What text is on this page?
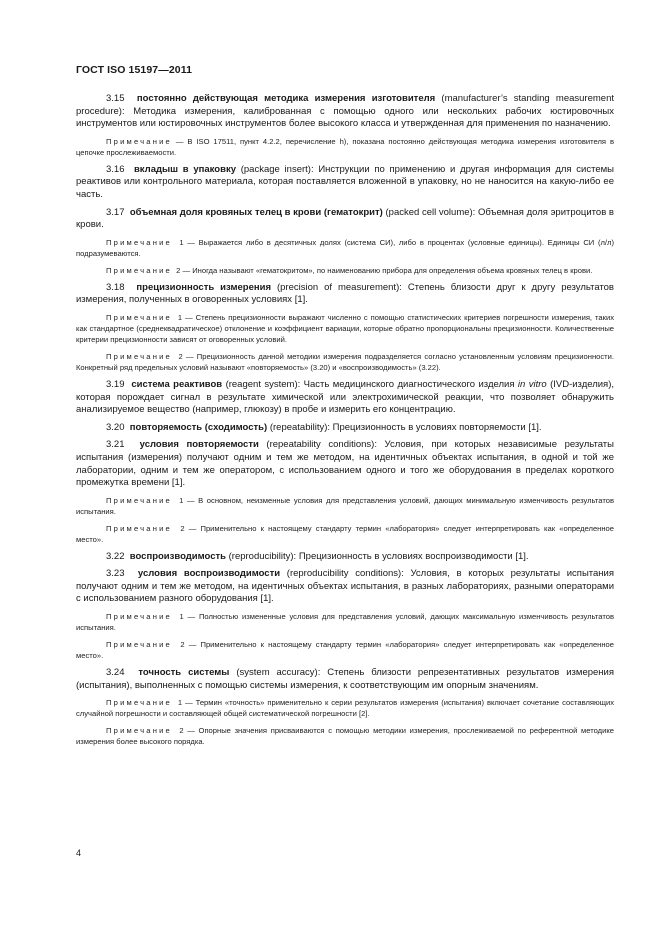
ГОСТ ISO 15197—2011

3.15  постоянно действующая методика измерения изготовителя (manufacturer’s standing measurement procedure): Методика измерения, калиброванная с помощью одного или нескольких рабочих юстировочных инструментов или юстировочных инструментов более высокого класса и утвержденная для применения по назначению.

Примечание — В ISO 17511, пункт 4.2.2, перечисление h), показана постоянно действующая методика измерения изготовителя в цепочке прослеживаемости.

3.16  вкладыш в упаковку (package insert): Инструкции по применению и другая информация для системы реактивов или контрольного материала, которая поставляется вложенной в упаковку, но не наносится на какую-либо ее часть.

3.17  объемная доля кровяных телец в крови (гематокрит) (packed cell volume): Объемная доля эритроцитов в крови.

Примечание  1 — Выражается либо в десятичных долях (система СИ), либо в процентах (условные единицы). Единицы СИ (л/л) подразумеваются.

Примечание  2 — Иногда называют «гематокритом», по наименованию прибора для определения объема кровяных телец в крови.

3.18  прецизионность измерения (precision of measurement): Степень близости друг к другу результатов измерения, полученных в оговоренных условиях [1].

Примечание  1 — Степень прецизионности выражают численно с помощью статистических критериев погрешности измерения, таких как стандартное (среднеквадратическое) отклонение и коэффициент вариации, которые обратно пропорциональны прецизионности. Количественные критерии прецизионности зависят от оговоренных условий.

Примечание  2 — Прецизионность данной методики измерения подразделяется согласно установленным условиям прецизионности. Конкретный ряд предельных условий называют «повторяемость» (3.20) и «воспроизводимость» (3.22).

3.19  система реактивов (reagent system): Часть медицинского диагностического изделия in vitro (IVD-изделия), которая порождает сигнал в результате химической или электрохимической реакции, что позволяет обнаружить анализируемое вещество (например, глюкозу) в пробе и измерить его концентрацию.

3.20  повторяемость (сходимость) (repeatability): Прецизионность в условиях повторяемости [1].

3.21  условия повторяемости (repeatability conditions): Условия, при которых независимые результаты испытания (измерения) получают одним и тем же методом, на идентичных объектах испытания, в одной и той же лаборатории, одним и тем же оператором, с использованием одного и того же оборудования в пределах короткого промежутка времени [1].

Примечание  1 — В основном, неизменные условия для представления условий, дающих минимальную изменчивость результатов испытания.

Примечание  2 — Применительно к настоящему стандарту термин «лаборатория» следует интерпретировать как «определенное место».

3.22  воспроизводимость (reproducibility): Прецизионность в условиях воспроизводимости [1].

3.23  условия воспроизводимости (reproducibility conditions): Условия, в которых результаты испытания получают одним и тем же методом, на идентичных объектах испытания, в разных лабораториях, разными операторами с использованием разного оборудования [1].

Примечание  1 — Полностью измененные условия для представления условий, дающих максимальную изменчивость результатов испытания.

Примечание  2 — Применительно к настоящему стандарту термин «лаборатория» следует интерпретировать как «определенное место».

3.24  точность системы (system accuracy): Степень близости репрезентативных результатов измерения (испытания), выполненных с помощью системы измерения, к соответствующим им опорным значениям.

Примечание  1 — Термин «точность» применительно к серии результатов измерения (испытания) включает сочетание составляющих случайной погрешности и составляющей общей систематической погрешности [2].

Примечание  2 — Опорные значения присваиваются с помощью методики измерения, прослеживаемой по референтной методике измерения более высокого порядка.

4
